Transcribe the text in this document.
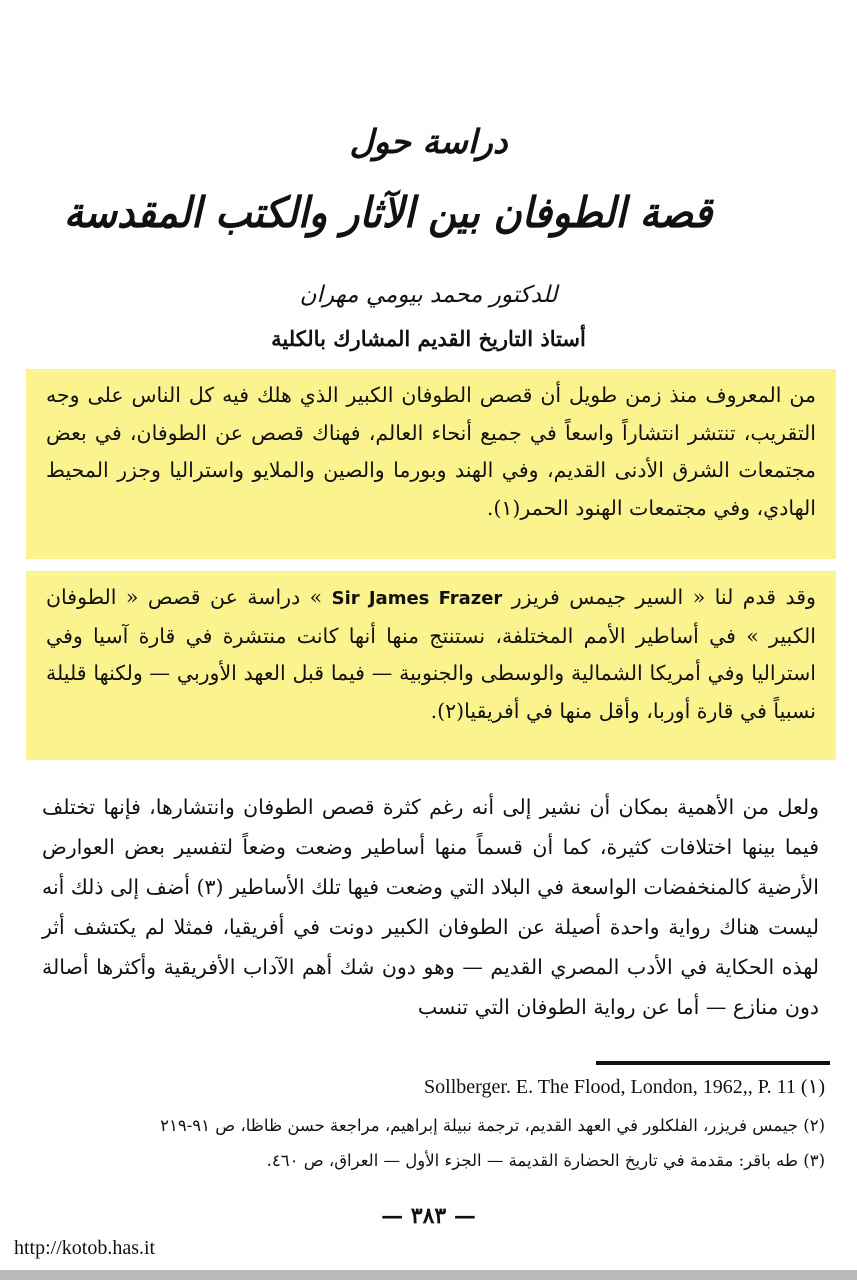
دراسة حول
قصة الطوفان بين الآثار والكتب المقدسة
للدكتور محمد بيومي مهران
أستاذ التاريخ القديم المشارك بالكلية
من المعروف منذ زمن طويل أن قصص الطوفان الكبير الذي هلك فيه كل الناس على وجه التقريب، تنتشر انتشاراً واسعاً في جميع أنحاء العالم، فهناك قصص عن الطوفان، في بعض مجتمعات الشرق الأدنى القديم، وفي الهند وبورما والصين والملايو واستراليا وجزر المحيط الهادي، وفي مجتمعات الهنود الحمر(١).
وقد قدم لنا « السير جيمس فريزر Sir James Frazer » دراسة عن قصص « الطوفان الكبير » في أساطير الأمم المختلفة، نستنتج منها أنها كانت منتشرة في قارة آسيا وفي استراليا وفي أمريكا الشمالية والوسطى والجنوبية — فيما قبل العهد الأوربي — ولكنها قليلة نسبياً في قارة أوربا، وأقل منها في أفريقيا(٢).

ولعل من الأهمية بمكان أن نشير إلى أنه رغم كثرة قصص الطوفان وانتشارها، فإنها تختلف فيما بينها اختلافات كثيرة، كما أن قسماً منها أساطير وضعت وضعاً لتفسير بعض العوارض الأرضية كالمنخفضات الواسعة في البلاد التي وضعت فيها تلك الأساطير (٣) أضف إلى ذلك أنه ليست هناك رواية واحدة أصيلة عن الطوفان الكبير دونت في أفريقيا، فمثلا لم يكتشف أثر لهذه الحكاية في الأدب المصري القديم — وهو دون شك أهم الآداب الأفريقية وأكثرها أصالة دون منازع — أما عن رواية الطوفان التي تنسب

Sollberger. E. The Flood, London, 1962,, P. 11 (١)

(٢) جيمس فريزر، الفلكلور في العهد القديم، ترجمة نبيلة إبراهيم، مراجعة حسن ظاظا، ص ٩١-٢١٩

(٣) طه باقر: مقدمة في تاريخ الحضارة القديمة — الجزء الأول — العراق، ص ٤٦٠.

— ٣٨٣ —
http://kotob.has.it
